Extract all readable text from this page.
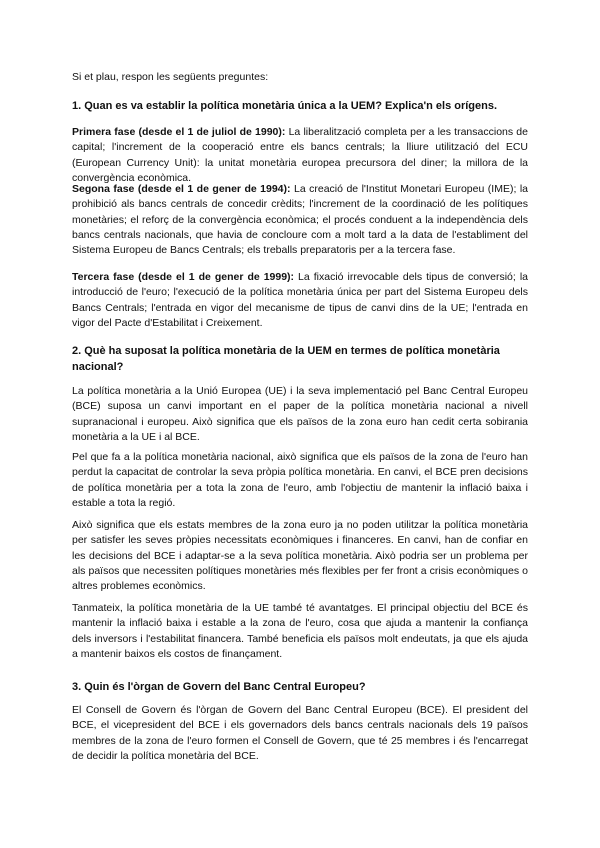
Si et plau, respon les següents preguntes:
1. Quan es va establir la política monetària única a la UEM? Explica'n els orígens.
Primera fase (desde el 1 de juliol de 1990): La liberalització completa per a les transaccions de capital; l'increment de la cooperació entre els bancs centrals; la lliure utilització del ECU (European Currency Unit): la unitat monetària europea precursora del diner; la millora de la convergència econòmica.
Segona fase (desde el 1 de gener de 1994): La creació de l'Institut Monetari Europeu (IME); la prohibició als bancs centrals de concedir crèdits; l'increment de la coordinació de les polítiques monetàries; el reforç de la convergència econòmica; el procés conduent a la independència dels bancs centrals nacionals, que havia de concloure com a molt tard a la data de l'establiment del Sistema Europeu de Bancs Centrals; els treballs preparatoris per a la tercera fase.
Tercera fase (desde el 1 de gener de 1999): La fixació irrevocable dels tipus de conversió; la introducció de l'euro; l'execució de la política monetària única per part del Sistema Europeu dels Bancs Centrals; l'entrada en vigor del mecanisme de tipus de canvi dins de la UE; l'entrada en vigor del Pacte d'Estabilitat i Creixement.
2. Què ha suposat la política monetària de la UEM en termes de política monetària nacional?
La política monetària a la Unió Europea (UE) i la seva implementació pel Banc Central Europeu (BCE) suposa un canvi important en el paper de la política monetària nacional a nivell supranacional i europeu. Això significa que els països de la zona euro han cedit certa sobirania monetària a la UE i al BCE.
Pel que fa a la política monetària nacional, això significa que els països de la zona de l'euro han perdut la capacitat de controlar la seva pròpia política monetària. En canvi, el BCE pren decisions de política monetària per a tota la zona de l'euro, amb l'objectiu de mantenir la inflació baixa i estable a tota la regió.
Això significa que els estats membres de la zona euro ja no poden utilitzar la política monetària per satisfer les seves pròpies necessitats econòmiques i financeres. En canvi, han de confiar en les decisions del BCE i adaptar-se a la seva política monetària. Això podria ser un problema per als països que necessiten polítiques monetàries més flexibles per fer front a crisis econòmiques o altres problemes econòmics.
Tanmateix, la política monetària de la UE també té avantatges. El principal objectiu del BCE és mantenir la inflació baixa i estable a la zona de l'euro, cosa que ajuda a mantenir la confiança dels inversors i l'estabilitat financera. També beneficia els països molt endeutats, ja que els ajuda a mantenir baixos els costos de finançament.
3. Quin és l'òrgan de Govern del Banc Central Europeu?
El Consell de Govern és l'òrgan de Govern del Banc Central Europeu (BCE). El president del BCE, el vicepresident del BCE i els governadors dels bancs centrals nacionals dels 19 països membres de la zona de l'euro formen el Consell de Govern, que té 25 membres i és l'encarregat de decidir la política monetària del BCE.
